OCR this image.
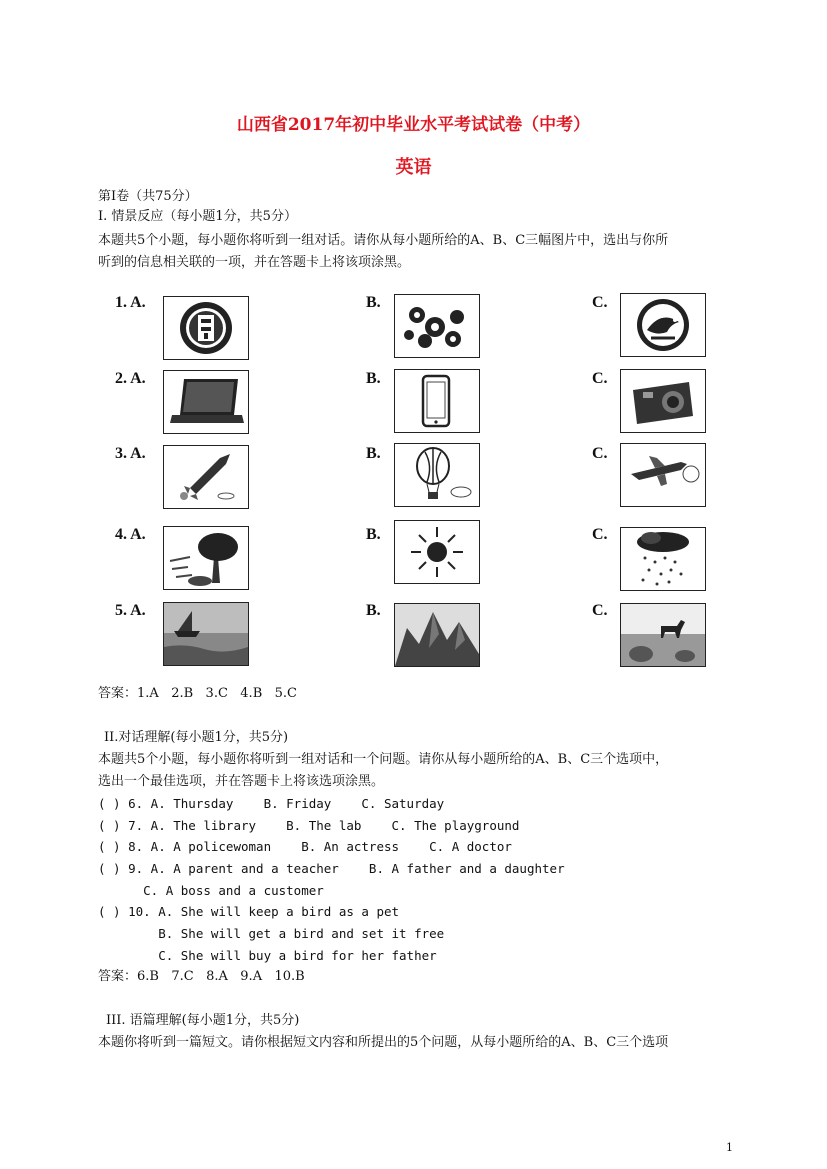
山西省2017年初中毕业水平考试试卷（中考）
英语
第Ⅰ卷（共75分）
I. 情景反应（每小题1分，共5分）
本题共5个小题，每小题你将听到一组对话。请你从每小题所给的A、B、C三幅图片中，选出与你所
听到的信息相关联的一项，并在答题卡上将该项涂黑。
1. A.	B.	C.
2. A.	B.	C.
3. A.	B.	C.
4. A.	B.	C.
5. A.	B.	C.
答案：1.A   2.B   3.C   4.B   5.C
II.对话理解(每小题1分，共5分)
本题共5个小题，每小题你将听到一组对话和一个问题。请你从每小题所给的A、B、C三个选项中，
选出一个最佳选项，并在答题卡上将该选项涂黑。
( ) 6. A. Thursday    B. Friday    C. Saturday
( ) 7. A. The library    B. The lab    C. The playground
( ) 8. A. A policewoman    B. An actress    C. A doctor
( ) 9. A. A parent and a teacher    B. A father and a daughter
C. A boss and a customer
( ) 10. A. She will keep a bird as a pet
B. She will get a bird and set it free
C. She will buy a bird for her father
答案：6.B   7.C   8.A   9.A   10.B
III. 语篇理解(每小题1分，共5分)
本题你将听到一篇短文。请你根据短文内容和所提出的5个问题，从每小题所给的A、B、C三个选项
1
